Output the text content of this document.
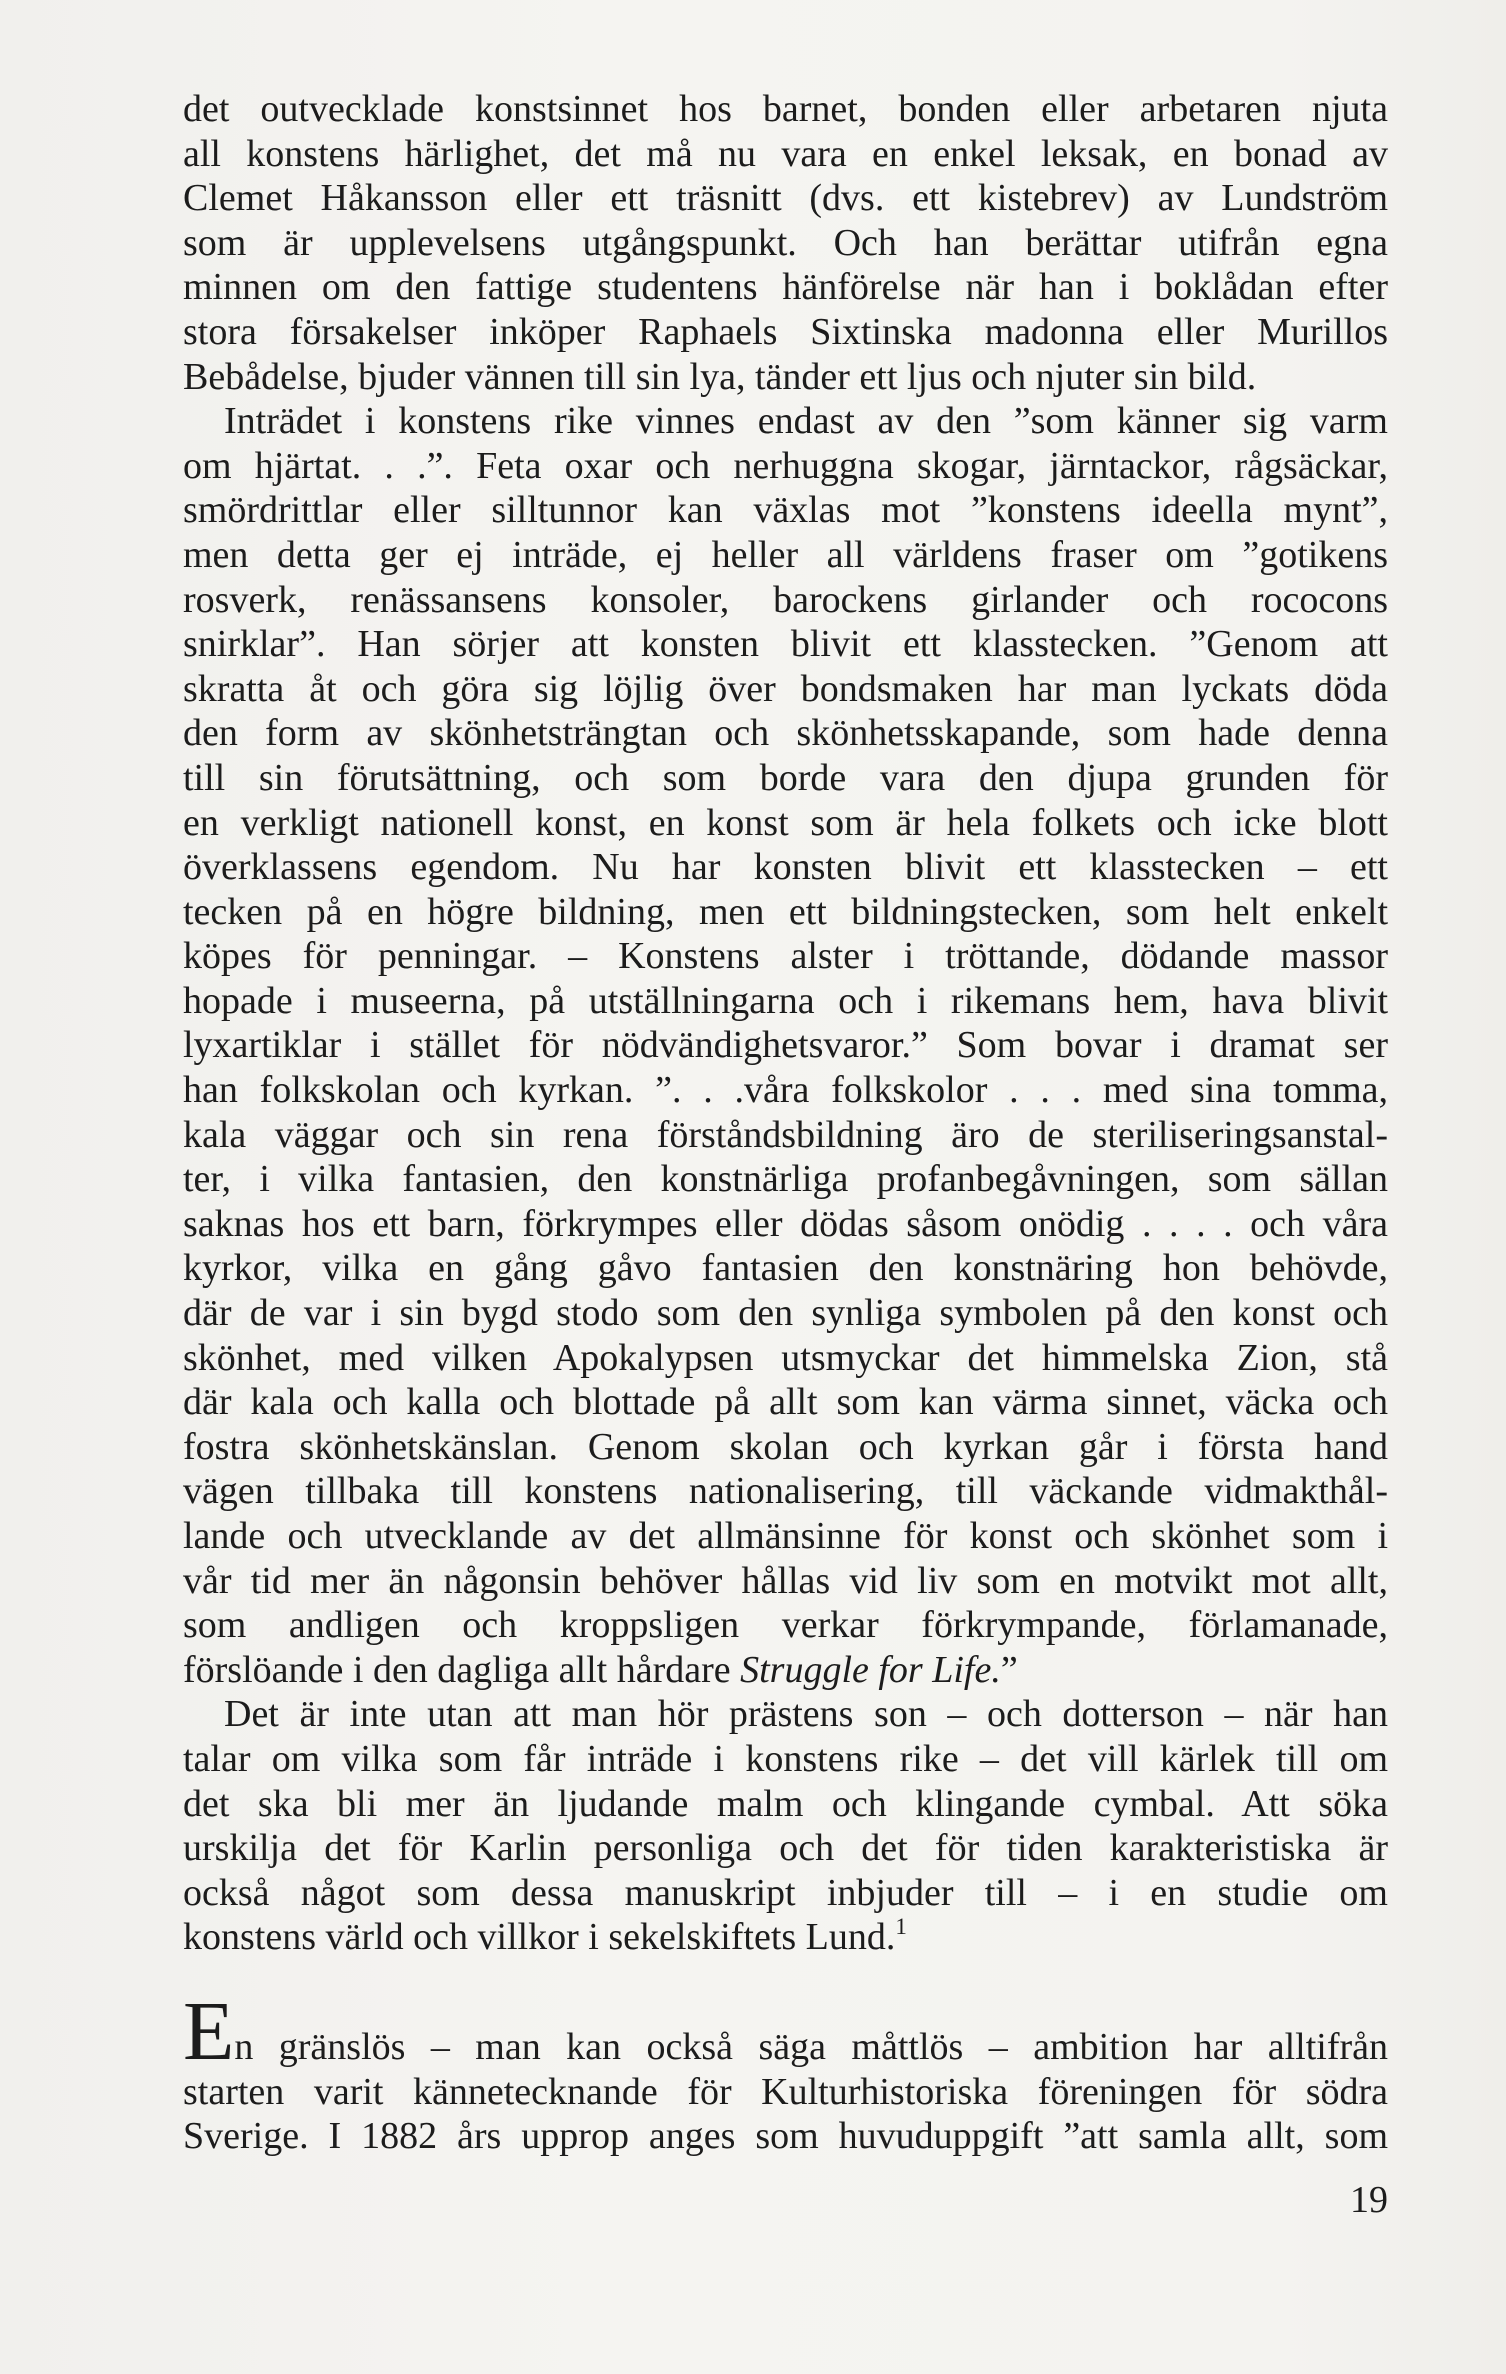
det outvecklade konstsinnet hos barnet, bonden eller arbetaren njuta
all konstens härlighet, det må nu vara en enkel leksak, en bonad av
Clemet Håkansson eller ett träsnitt (dvs. ett kistebrev) av Lundström
som är upplevelsens utgångspunkt. Och han berättar utifrån egna
minnen om den fattige studentens hänförelse när han i boklådan efter
stora försakelser inköper Raphaels Sixtinska madonna eller Murillos
Bebådelse, bjuder vännen till sin lya, tänder ett ljus och njuter sin bild.
Inträdet i konstens rike vinnes endast av den ”som känner sig varm
om hjärtat. . .”. Feta oxar och nerhuggna skogar, järntackor, rågsäckar,
smördrittlar eller silltunnor kan växlas mot ”konstens ideella mynt”,
men detta ger ej inträde, ej heller all världens fraser om ”gotikens
rosverk, renässansens konsoler, barockens girlander och rococons
snirklar”. Han sörjer att konsten blivit ett klasstecken. ”Genom att
skratta åt och göra sig löjlig över bondsmaken har man lyckats döda
den form av skönhetsträngtan och skönhetsskapande, som hade denna
till sin förutsättning, och som borde vara den djupa grunden för
en verkligt nationell konst, en konst som är hela folkets och icke blott
överklassens egendom. Nu har konsten blivit ett klasstecken – ett
tecken på en högre bildning, men ett bildningstecken, som helt enkelt
köpes för penningar. – Konstens alster i tröttande, dödande massor
hopade i museerna, på utställningarna och i rikemans hem, hava blivit
lyxartiklar i stället för nödvändighetsvaror.” Som bovar i dramat ser
han folkskolan och kyrkan. ”. . .våra folkskolor . . . med sina tomma,
kala väggar och sin rena förståndsbildning äro de steriliseringsanstal-
ter, i vilka fantasien, den konstnärliga profanbegåvningen, som sällan
saknas hos ett barn, förkrympes eller dödas såsom onödig . . . . och våra
kyrkor, vilka en gång gåvo fantasien den konstnäring hon behövde,
där de var i sin bygd stodo som den synliga symbolen på den konst och
skönhet, med vilken Apokalypsen utsmyckar det himmelska Zion, stå
där kala och kalla och blottade på allt som kan värma sinnet, väcka och
fostra skönhetskänslan. Genom skolan och kyrkan går i första hand
vägen tillbaka till konstens nationalisering, till väckande vidmakthål-
lande och utvecklande av det allmänsinne för konst och skönhet som i
vår tid mer än någonsin behöver hållas vid liv som en motvikt mot allt,
som andligen och kroppsligen verkar förkrympande, förlamanade,
förslöande i den dagliga allt hårdare Struggle for Life.”
Det är inte utan att man hör prästens son – och dotterson – när han
talar om vilka som får inträde i konstens rike – det vill kärlek till om
det ska bli mer än ljudande malm och klingande cymbal. Att söka
urskilja det för Karlin personliga och det för tiden karakteristiska är
också något som dessa manuskript inbjuder till – i en studie om
konstens värld och villkor i sekelskiftets Lund.$^1$
En gränslös – man kan också säga måttlös – ambition har alltifrån
starten varit kännetecknande för Kulturhistoriska föreningen för södra
Sverige. I 1882 års upprop anges som huvuduppgift ”att samla allt, som
19
